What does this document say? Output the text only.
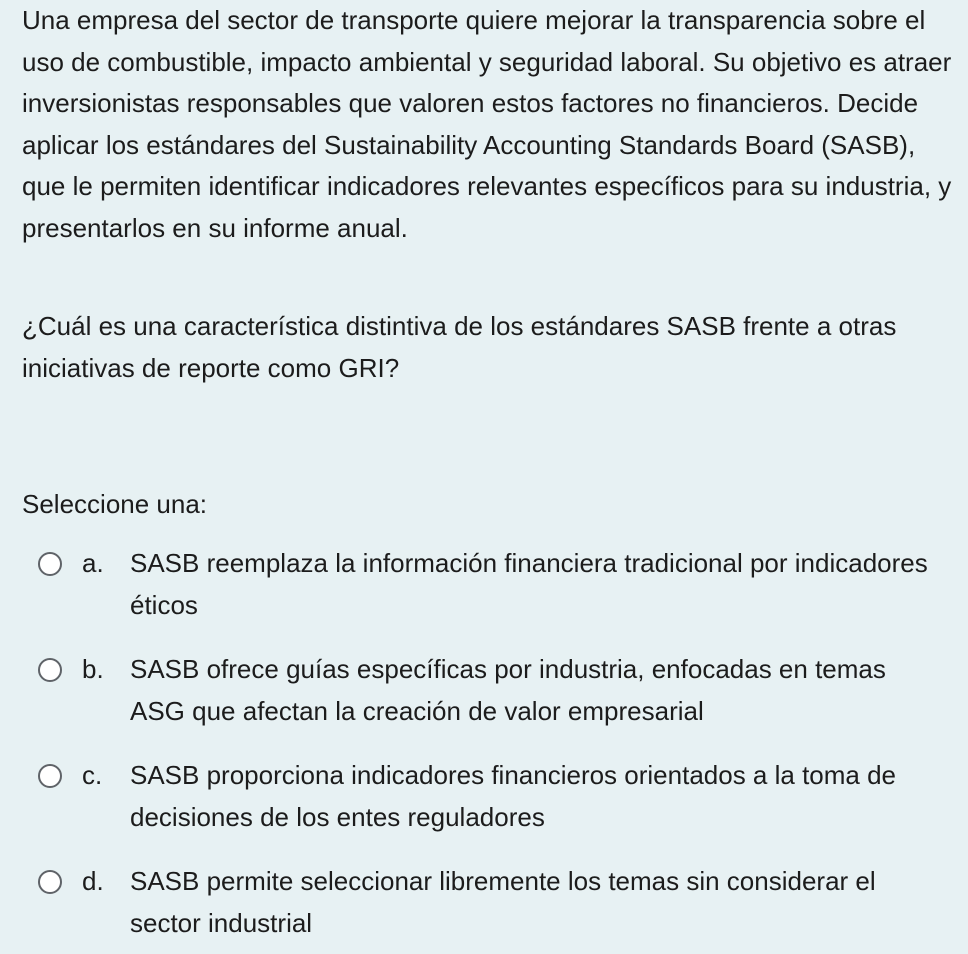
Una empresa del sector de transporte quiere mejorar la transparencia sobre el uso de combustible, impacto ambiental y seguridad laboral. Su objetivo es atraer inversionistas responsables que valoren estos factores no financieros. Decide aplicar los estándares del Sustainability Accounting Standards Board (SASB), que le permiten identificar indicadores relevantes específicos para su industria, y presentarlos en su informe anual.

¿Cuál es una característica distintiva de los estándares SASB frente a otras iniciativas de reporte como GRI?

Seleccione una:

a.	SASB reemplaza la información financiera tradicional por indicadores éticos
b.	SASB ofrece guías específicas por industria, enfocadas en temas ASG que afectan la creación de valor empresarial
c.	SASB proporciona indicadores financieros orientados a la toma de decisiones de los entes reguladores
d.	SASB permite seleccionar libremente los temas sin considerar el sector industrial
